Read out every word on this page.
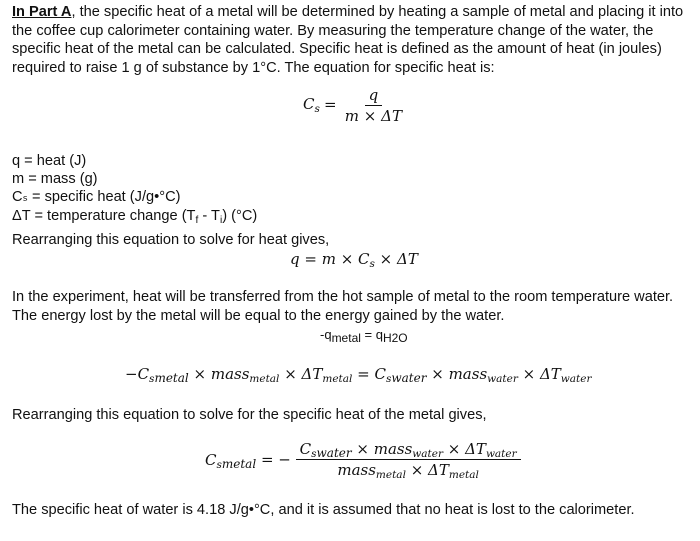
In Part A, the specific heat of a metal will be determined by heating a sample of metal and placing it into the coffee cup calorimeter containing water. By measuring the temperature change of the water, the specific heat of the metal can be calculated. Specific heat is defined as the amount of heat (in joules) required to raise 1 g of substance by 1°C. The equation for specific heat is:
$C_s = \frac{q}{m \times \Delta T}$
q = heat (J)
m = mass (g)
Cₛ = specific heat (J/g•°C)
ΔT = temperature change $(T_f - T_i)$ (°C)
Rearranging this equation to solve for heat gives,
$q = m \times C_s \times \Delta T$
In the experiment, heat will be transferred from the hot sample of metal to the room temperature water. The energy lost by the metal will be equal to the energy gained by the water.
$-q_{metal} = q_{H2O}$
$-C_{smetal}$ × mass$_{metal}$ × $\Delta T_{metal} = C_{swater}$ × mass$_{water}$ × $\Delta T_{water}$
Rearranging this equation to solve for the specific heat of the metal gives,
$C_{smetal}$ = − $\frac{C_{swater} \times mass_{water} \times \Delta T_{water}}{mass_{metal} \times \Delta T_{metal}}$
The specific heat of water is 4.18 J/g•°C, and it is assumed that no heat is lost to the calorimeter.
